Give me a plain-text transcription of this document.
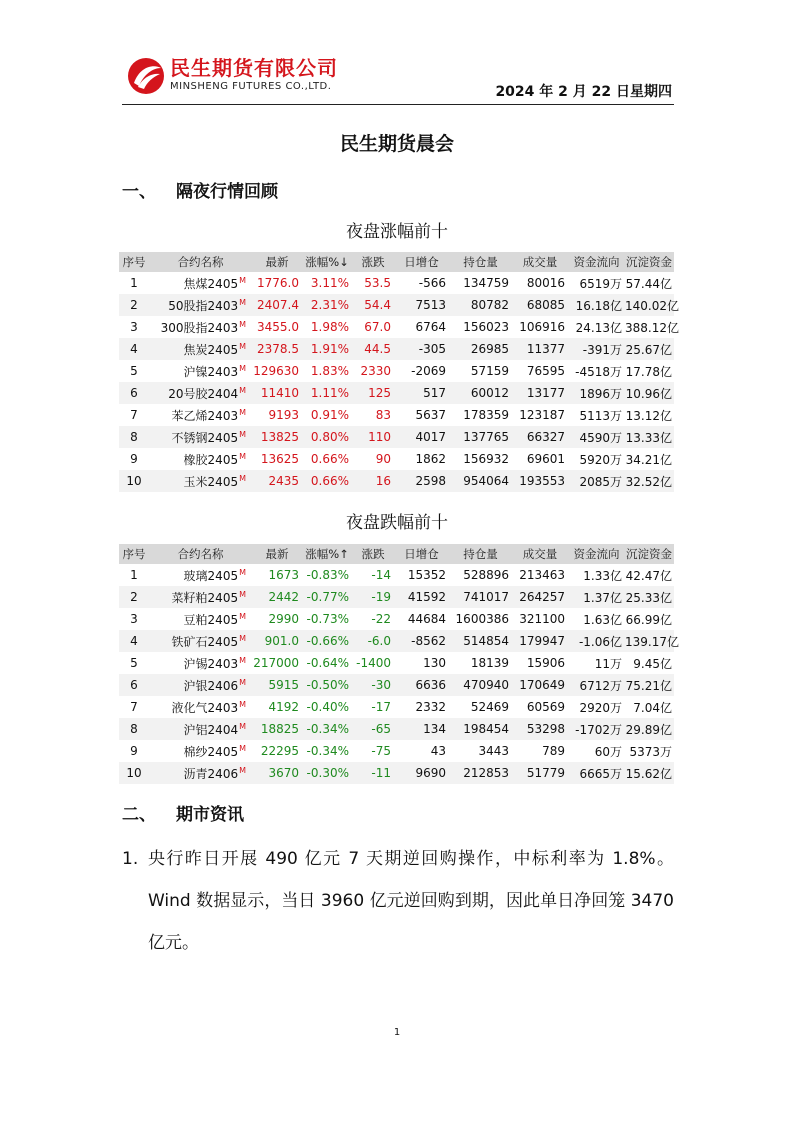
民生期货有限公司
MINSHENG FUTURES CO.,LTD.	2024 年 2 月 22 日星期四
民生期货晨会
一、 隔夜行情回顾
夜盘涨幅前十
序号	合约名称	最新	涨幅%↓	涨跌	日增仓	持仓量	成交量	资金流向	沉淀资金
1	焦煤$2405^M$	1776.0	3.11%	53.5	-566	134759	80016	6519万	57.44亿
2	50股指$2403^M$	2407.4	2.31%	54.4	7513	80782	68085	16.18亿	140.02亿
3	300股指$2403^M$	3455.0	1.98%	67.0	6764	156023	106916	24.13亿	388.12亿
4	焦炭$2405^M$	2378.5	1.91%	44.5	-305	26985	11377	-391万	25.67亿
5	沪镍$2403^M$	129630	1.83%	2330	-2069	57159	76595	-4518万	17.78亿
6	20号胶$2404^M$	11410	1.11%	125	517	60012	13177	1896万	10.96亿
7	苯乙烯$2403^M$	9193	0.91%	83	5637	178359	123187	5113万	13.12亿
8	不锈钢$2405^M$	13825	0.80%	110	4017	137765	66327	4590万	13.33亿
9	橡胶$2405^M$	13625	0.66%	90	1862	156932	69601	5920万	34.21亿
10	玉米$2405^M$	2435	0.66%	16	2598	954064	193553	2085万	32.52亿
夜盘跌幅前十
序号	合约名称	最新	涨幅%↑	涨跌	日增仓	持仓量	成交量	资金流向	沉淀资金
1	玻璃$2405^M$	1673	-0.83%	-14	15352	528896	213463	1.33亿	42.47亿
2	菜籽粕$2405^M$	2442	-0.77%	-19	41592	741017	264257	1.37亿	25.33亿
3	豆粕$2405^M$	2990	-0.73%	-22	44684	1600386	321100	1.63亿	66.99亿
4	铁矿石$2405^M$	901.0	-0.66%	-6.0	-8562	514854	179947	-1.06亿	139.17亿
5	沪锡$2403^M$	217000	-0.64%	-1400	130	18139	15906	11万	9.45亿
6	沪银$2406^M$	5915	-0.50%	-30	6636	470940	170649	6712万	75.21亿
7	液化气$2403^M$	4192	-0.40%	-17	2332	52469	60569	2920万	7.04亿
8	沪铝$2404^M$	18825	-0.34%	-65	134	198454	53298	-1702万	29.89亿
9	棉纱$2405^M$	22295	-0.34%	-75	43	3443	789	60万	5373万
10	沥青$2406^M$	3670	-0.30%	-11	9690	212853	51779	6665万	15.62亿
二、 期市资讯
1. 央行昨日开展 490 亿元 7 天期逆回购操作，中标利率为 1.8%。Wind 数据显示，当日 3960 亿元逆回购到期，因此单日净回笼 3470 亿元。
1
